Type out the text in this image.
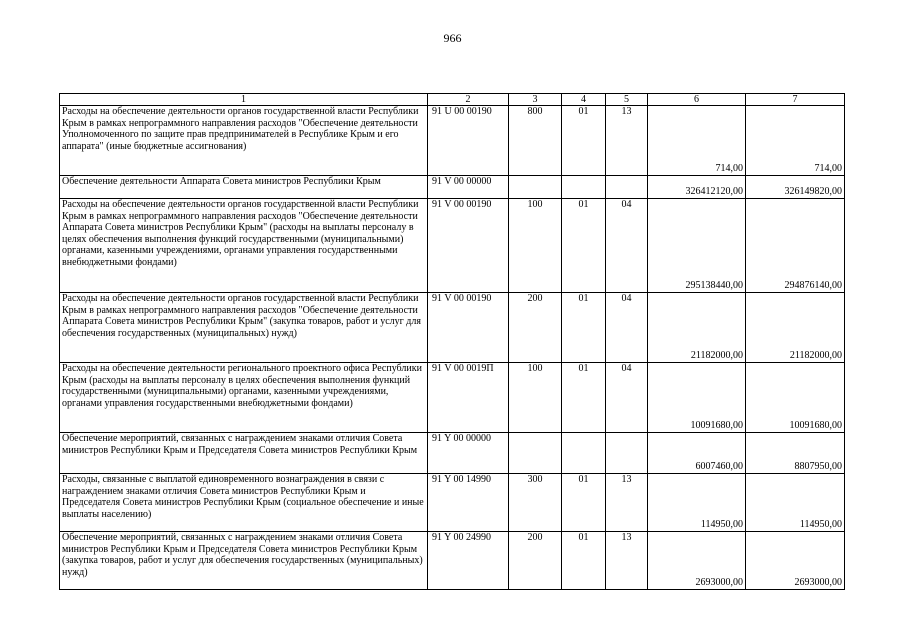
966
1	2	3	4	5	6	7
Расходы на обеспечение деятельности органов государственной власти Республики Крым в рамках непрограммного направления расходов "Обеспечение деятельности Уполномоченного по защите прав предпринимателей в Республике Крым и его аппарата" (иные бюджетные ассигнования)	91 U 00 00190	800	01	13	714,00	714,00
Обеспечение деятельности Аппарата Совета министров Республики Крым	91 V 00 00000				326412120,00	326149820,00
Расходы на обеспечение деятельности органов государственной власти Республики Крым в рамках непрограммного направления расходов "Обеспечение деятельности Аппарата Совета министров Республики Крым" (расходы на выплаты персоналу в целях обеспечения выполнения функций государственными (муниципальными) органами, казенными учреждениями, органами управления государственными внебюджетными фондами)	91 V 00 00190	100	01	04	295138440,00	294876140,00
Расходы на обеспечение деятельности органов государственной власти Республики Крым в рамках непрограммного направления расходов "Обеспечение деятельности Аппарата Совета министров Республики Крым" (закупка товаров, работ и услуг для обеспечения государственных (муниципальных) нужд)	91 V 00 00190	200	01	04	21182000,00	21182000,00
Расходы на обеспечение деятельности регионального проектного офиса Республики Крым (расходы на выплаты персоналу в целях обеспечения выполнения функций государственными (муниципальными) органами, казенными учреждениями, органами управления государственными внебюджетными фондами)	91 V 00 0019П	100	01	04	10091680,00	10091680,00
Обеспечение мероприятий, связанных с награждением знаками отличия Совета министров Республики Крым и Председателя Совета министров Республики Крым	91 Y 00 00000				6007460,00	8807950,00
Расходы, связанные с выплатой единовременного вознаграждения в связи с награждением знаками отличия Совета министров Республики Крым и Председателя Совета министров Республики Крым (социальное обеспечение и иные выплаты населению)	91 Y 00 14990	300	01	13	114950,00	114950,00
Обеспечение мероприятий, связанных с награждением знаками отличия Совета министров Республики Крым и Председателя Совета министров Республики Крым (закупка товаров, работ и услуг для обеспечения государственных (муниципальных) нужд)	91 Y 00 24990	200	01	13	2693000,00	2693000,00
